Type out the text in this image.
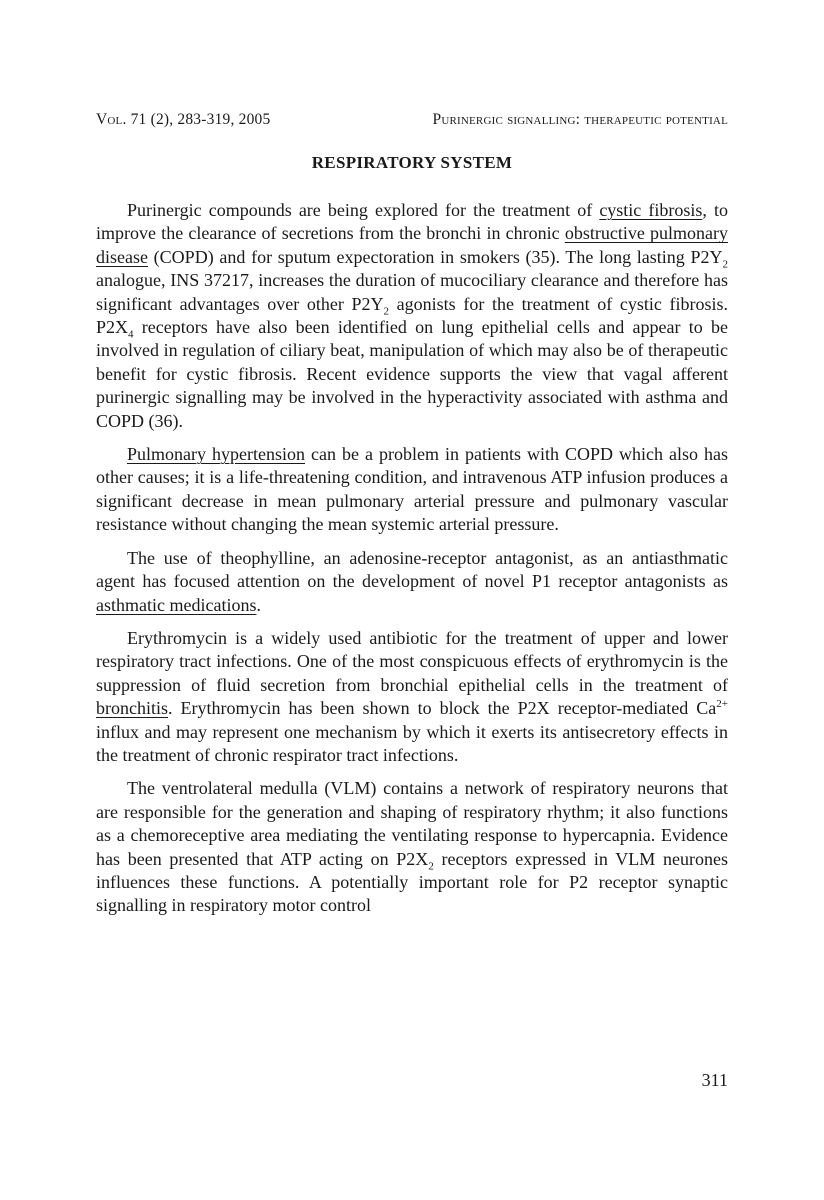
Vol. 71 (2), 283-319, 2005	Purinergic signalling: therapeutic potential
RESPIRATORY SYSTEM

Purinergic compounds are being explored for the treatment of cystic fibrosis, to improve the clearance of secretions from the bronchi in chronic obstructive pulmonary disease (COPD) and for sputum expectoration in smokers (35). The long lasting $P2Y_2$ analogue, INS 37217, increases the duration of mucociliary clearance and therefore has significant advantages over other $P2Y_2$ agonists for the treatment of cystic fibrosis. $P2X_4$ receptors have also been identified on lung epithelial cells and appear to be involved in regulation of ciliary beat, manipulation of which may also be of therapeutic benefit for cystic fibrosis. Recent evidence supports the view that vagal afferent purinergic signalling may be involved in the hyperactivity associated with asthma and COPD (36).

Pulmonary hypertension can be a problem in patients with COPD which also has other causes; it is a life-threatening condition, and intravenous ATP infusion produces a significant decrease in mean pulmonary arterial pressure and pulmonary vascular resistance without changing the mean systemic arterial pressure.

The use of theophylline, an adenosine-receptor antagonist, as an antiasthmatic agent has focused attention on the development of novel P1 receptor antagonists as asthmatic medications.

Erythromycin is a widely used antibiotic for the treatment of upper and lower respiratory tract infections. One of the most conspicuous effects of erythromycin is the suppression of fluid secretion from bronchial epithelial cells in the treatment of bronchitis. Erythromycin has been shown to block the P2X receptor-mediated $Ca^{2+}$ influx and may represent one mechanism by which it exerts its antisecretory effects in the treatment of chronic respirator tract infections.

The ventrolateral medulla (VLM) contains a network of respiratory neurons that are responsible for the generation and shaping of respiratory rhythm; it also functions as a chemoreceptive area mediating the ventilating response to hypercapnia. Evidence has been presented that ATP acting on $P2X_2$ receptors expressed in VLM neurones influences these functions. A potentially important role for P2 receptor synaptic signalling in respiratory motor control

311
